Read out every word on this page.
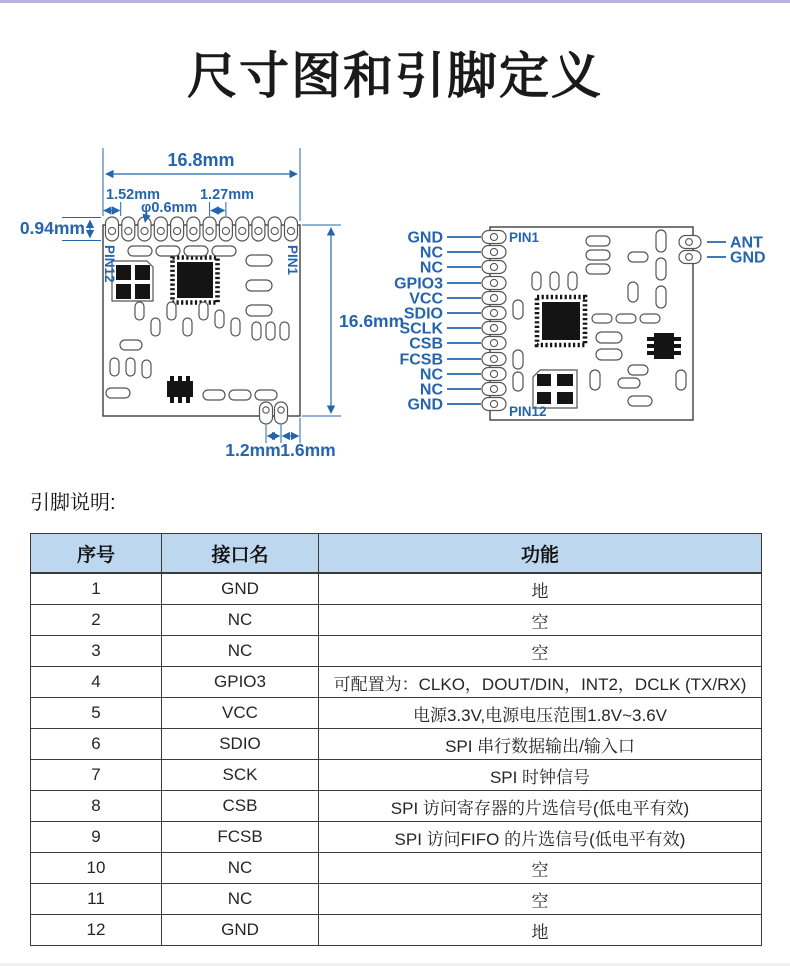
尺寸图和引脚定义
PIN12	PIN1
16.8mm
1.52mm
φ0.6mm
1.27mm
0.94mm
16.6mm
1.2mm 1.6mm
PIN1
PIN12
GND
NC
NC
GPIO3
VCC
SDIO
SCLK
CSB
FCSB
NC
NC
GND
ANT
GND
引脚说明:
序号	接口名	功能
1	GND	地
2	NC	空
3	NC	空
4	GPIO3	可配置为：CLKO，DOUT/DIN，INT2，DCLK (TX/RX)
5	VCC	电源3.3V,电源电压范围1.8V~3.6V
6	SDIO	SPI 串行数据输出/输入口
7	SCK	SPI 时钟信号
8	CSB	SPI 访问寄存器的片选信号(低电平有效)
9	FCSB	SPI 访问FIFO 的片选信号(低电平有效)
10	NC	空
11	NC	空
12	GND	地
